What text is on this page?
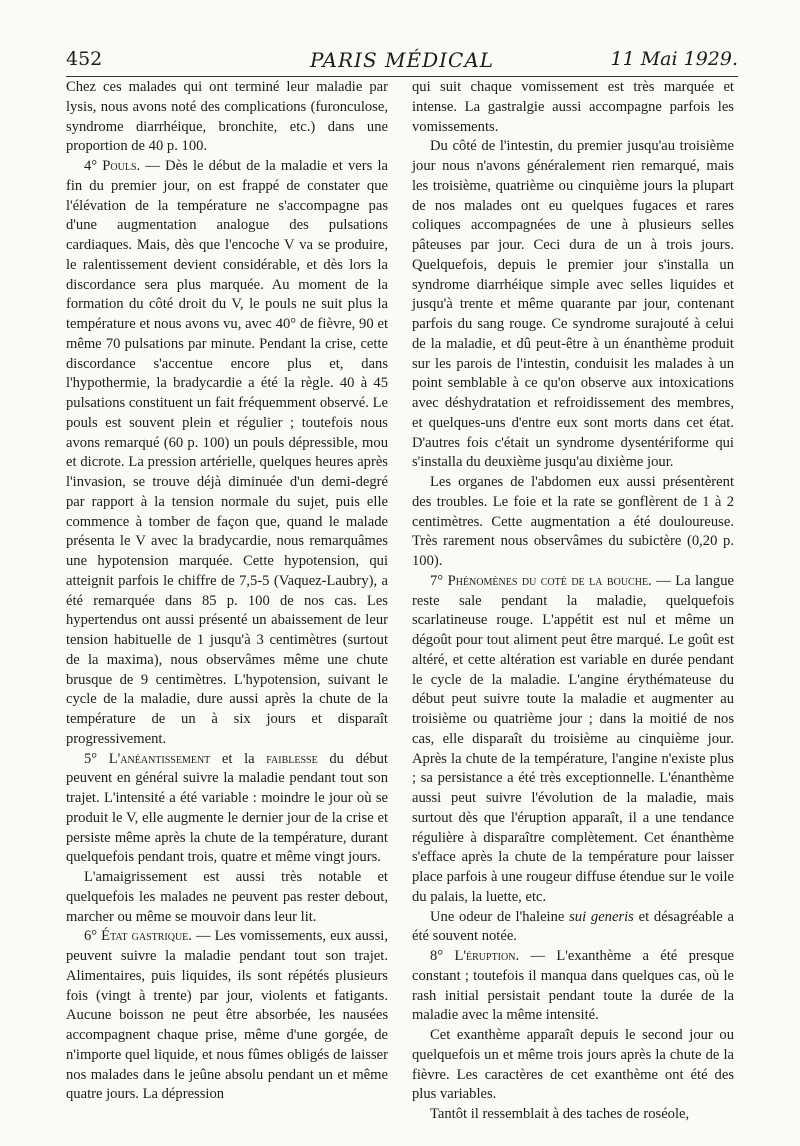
452	PARIS MÉDICAL	11 Mai 1929.

Chez ces malades qui ont terminé leur maladie par lysis, nous avons noté des complications (furonculose, syndrome diarrhéique, bronchite, etc.) dans une proportion de 40 p. 100.

4° Pouls. — Dès le début de la maladie et vers la fin du premier jour, on est frappé de constater que l'élévation de la température ne s'accompagne pas d'une augmentation analogue des pulsations cardiaques. Mais, dès que l'encoche V va se produire, le ralentissement devient considérable, et dès lors la discordance sera plus marquée. Au moment de la formation du côté droit du V, le pouls ne suit plus la température et nous avons vu, avec 40° de fièvre, 90 et même 70 pulsations par minute. Pendant la crise, cette discordance s'accentue encore plus et, dans l'hypothermie, la bradycardie a été la règle. 40 à 45 pulsations constituent un fait fréquemment observé. Le pouls est souvent plein et régulier ; toutefois nous avons remarqué (60 p. 100) un pouls dépressible, mou et dicrote. La pression artérielle, quelques heures après l'invasion, se trouve déjà diminuée d'un demi-degré par rapport à la tension normale du sujet, puis elle commence à tomber de façon que, quand le malade présenta le V avec la bradycardie, nous remarquâmes une hypotension marquée. Cette hypotension, qui atteignit parfois le chiffre de 7,5-5 (Vaquez-Laubry), a été remarquée dans 85 p. 100 de nos cas. Les hypertendus ont aussi présenté un abaissement de leur tension habituelle de 1 jusqu'à 3 centimètres (surtout de la maxima), nous observâmes même une chute brusque de 9 centimètres. L'hypotension, suivant le cycle de la maladie, dure aussi après la chute de la température de un à six jours et disparaît progressivement.

5° L'anéantissement et la faiblesse du début peuvent en général suivre la maladie pendant tout son trajet. L'intensité a été variable : moindre le jour où se produit le V, elle augmente le dernier jour de la crise et persiste même après la chute de la température, durant quelquefois pendant trois, quatre et même vingt jours.

L'amaigrissement est aussi très notable et quelquefois les malades ne peuvent pas rester debout, marcher ou même se mouvoir dans leur lit.

6° État gastrique. — Les vomissements, eux aussi, peuvent suivre la maladie pendant tout son trajet. Alimentaires, puis liquides, ils sont répétés plusieurs fois (vingt à trente) par jour, violents et fatigants. Aucune boisson ne peut être absorbée, les nausées accompagnent chaque prise, même d'une gorgée, de n'importe quel liquide, et nous fûmes obligés de laisser nos malades dans le jeûne absolu pendant un et même quatre jours. La dépression

qui suit chaque vomissement est très marquée et intense. La gastralgie aussi accompagne parfois les vomissements.

Du côté de l'intestin, du premier jusqu'au troisième jour nous n'avons généralement rien remarqué, mais les troisième, quatrième ou cinquième jours la plupart de nos malades ont eu quelques fugaces et rares coliques accompagnées de une à plusieurs selles pâteuses par jour. Ceci dura de un à trois jours. Quelquefois, depuis le premier jour s'installa un syndrome diarrhéique simple avec selles liquides et jusqu'à trente et même quarante par jour, contenant parfois du sang rouge. Ce syndrome surajouté à celui de la maladie, et dû peut-être à un énanthème produit sur les parois de l'intestin, conduisit les malades à un point semblable à ce qu'on observe aux intoxications avec déshydratation et refroidissement des membres, et quelques-uns d'entre eux sont morts dans cet état. D'autres fois c'était un syndrome dysentériforme qui s'installa du deuxième jusqu'au dixième jour.

Les organes de l'abdomen eux aussi présentèrent des troubles. Le foie et la rate se gonflèrent de 1 à 2 centimètres. Cette augmentation a été douloureuse. Très rarement nous observâmes du subictère (0,20 p. 100).

7° Phénomènes du coté de la bouche. — La langue reste sale pendant la maladie, quelquefois scarlatineuse rouge. L'appétit est nul et même un dégoût pour tout aliment peut être marqué. Le goût est altéré, et cette altération est variable en durée pendant le cycle de la maladie. L'angine érythémateuse du début peut suivre toute la maladie et augmenter au troisième ou quatrième jour ; dans la moitié de nos cas, elle disparaît du troisième au cinquième jour. Après la chute de la température, l'angine n'existe plus ; sa persistance a été très exceptionnelle. L'énanthème aussi peut suivre l'évolution de la maladie, mais surtout dès que l'éruption apparaît, il a une tendance régulière à disparaître complètement. Cet énanthème s'efface après la chute de la température pour laisser place parfois à une rougeur diffuse étendue sur le voile du palais, la luette, etc.

Une odeur de l'haleine sui generis et désagréable a été souvent notée.

8° L'éruption. — L'exanthème a été presque constant ; toutefois il manqua dans quelques cas, où le rash initial persistait pendant toute la durée de la maladie avec la même intensité.

Cet exanthème apparaît depuis le second jour ou quelquefois un et même trois jours après la chute de la fièvre. Les caractères de cet exanthème ont été des plus variables.

Tantôt il ressemblait à des taches de roséole,
